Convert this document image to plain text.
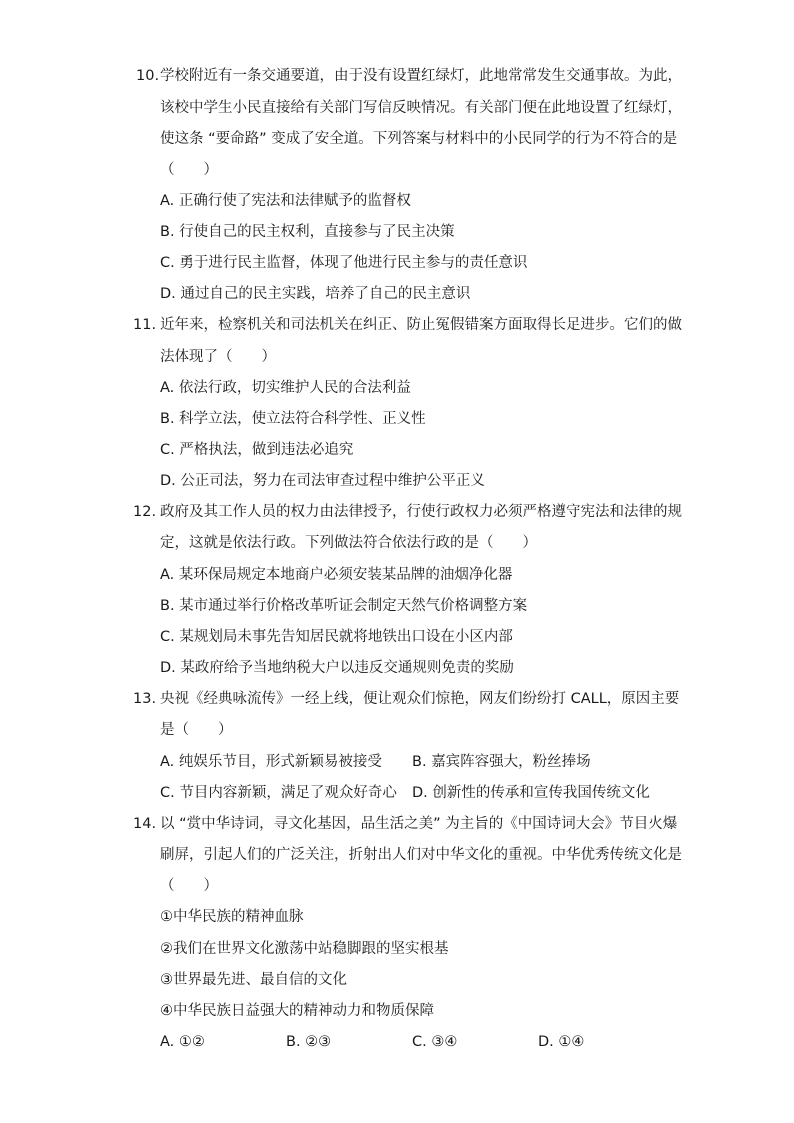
10. 学校附近有一条交通要道，由于没有设置红绿灯，此地常常发生交通事故。为此，
该校中学生小民直接给有关部门写信反映情况。有关部门便在此地设置了红绿灯，
使这条 “要命路” 变成了安全道。下列答案与材料中的小民同学的行为不符合的是
（　　）
A. 正确行使了宪法和法律赋予的监督权
B. 行使自己的民主权利，直接参与了民主决策
C. 勇于进行民主监督，体现了他进行民主参与的责任意识
D. 通过自己的民主实践，培养了自己的民主意识
11. 近年来，检察机关和司法机关在纠正、防止冤假错案方面取得长足进步。它们的做
法体现了（　　）
A. 依法行政，切实维护人民的合法利益
B. 科学立法，使立法符合科学性、正义性
C. 严格执法，做到违法必追究
D. 公正司法，努力在司法审查过程中维护公平正义
12. 政府及其工作人员的权力由法律授予，行使行政权力必须严格遵守宪法和法律的规
定，这就是依法行政。下列做法符合依法行政的是（　　）
A. 某环保局规定本地商户必须安装某品牌的油烟净化器
B. 某市通过举行价格改革听证会制定天然气价格调整方案
C. 某规划局未事先告知居民就将地铁出口设在小区内部
D. 某政府给予当地纳税大户以违反交通规则免责的奖励
13. 央视《经典咏流传》一经上线，便让观众们惊艳，网友们纷纷打 CALL，原因主要
是（　　）
A. 纯娱乐节目，形式新颖易被接受 B. 嘉宾阵容强大，粉丝捧场
C. 节目内容新颖，满足了观众好奇心 D. 创新性的传承和宣传我国传统文化
14. 以 “赏中华诗词，寻文化基因，品生活之美” 为主旨的《中国诗词大会》节目火爆
刷屏，引起人们的广泛关注，折射出人们对中华文化的重视。中华优秀传统文化是
（　　）
①中华民族的精神血脉
②我们在世界文化激荡中站稳脚跟的坚实根基
③世界最先进、最自信的文化
④中华民族日益强大的精神动力和物质保障
A. ①②	B. ②③	C. ③④	D. ①④
